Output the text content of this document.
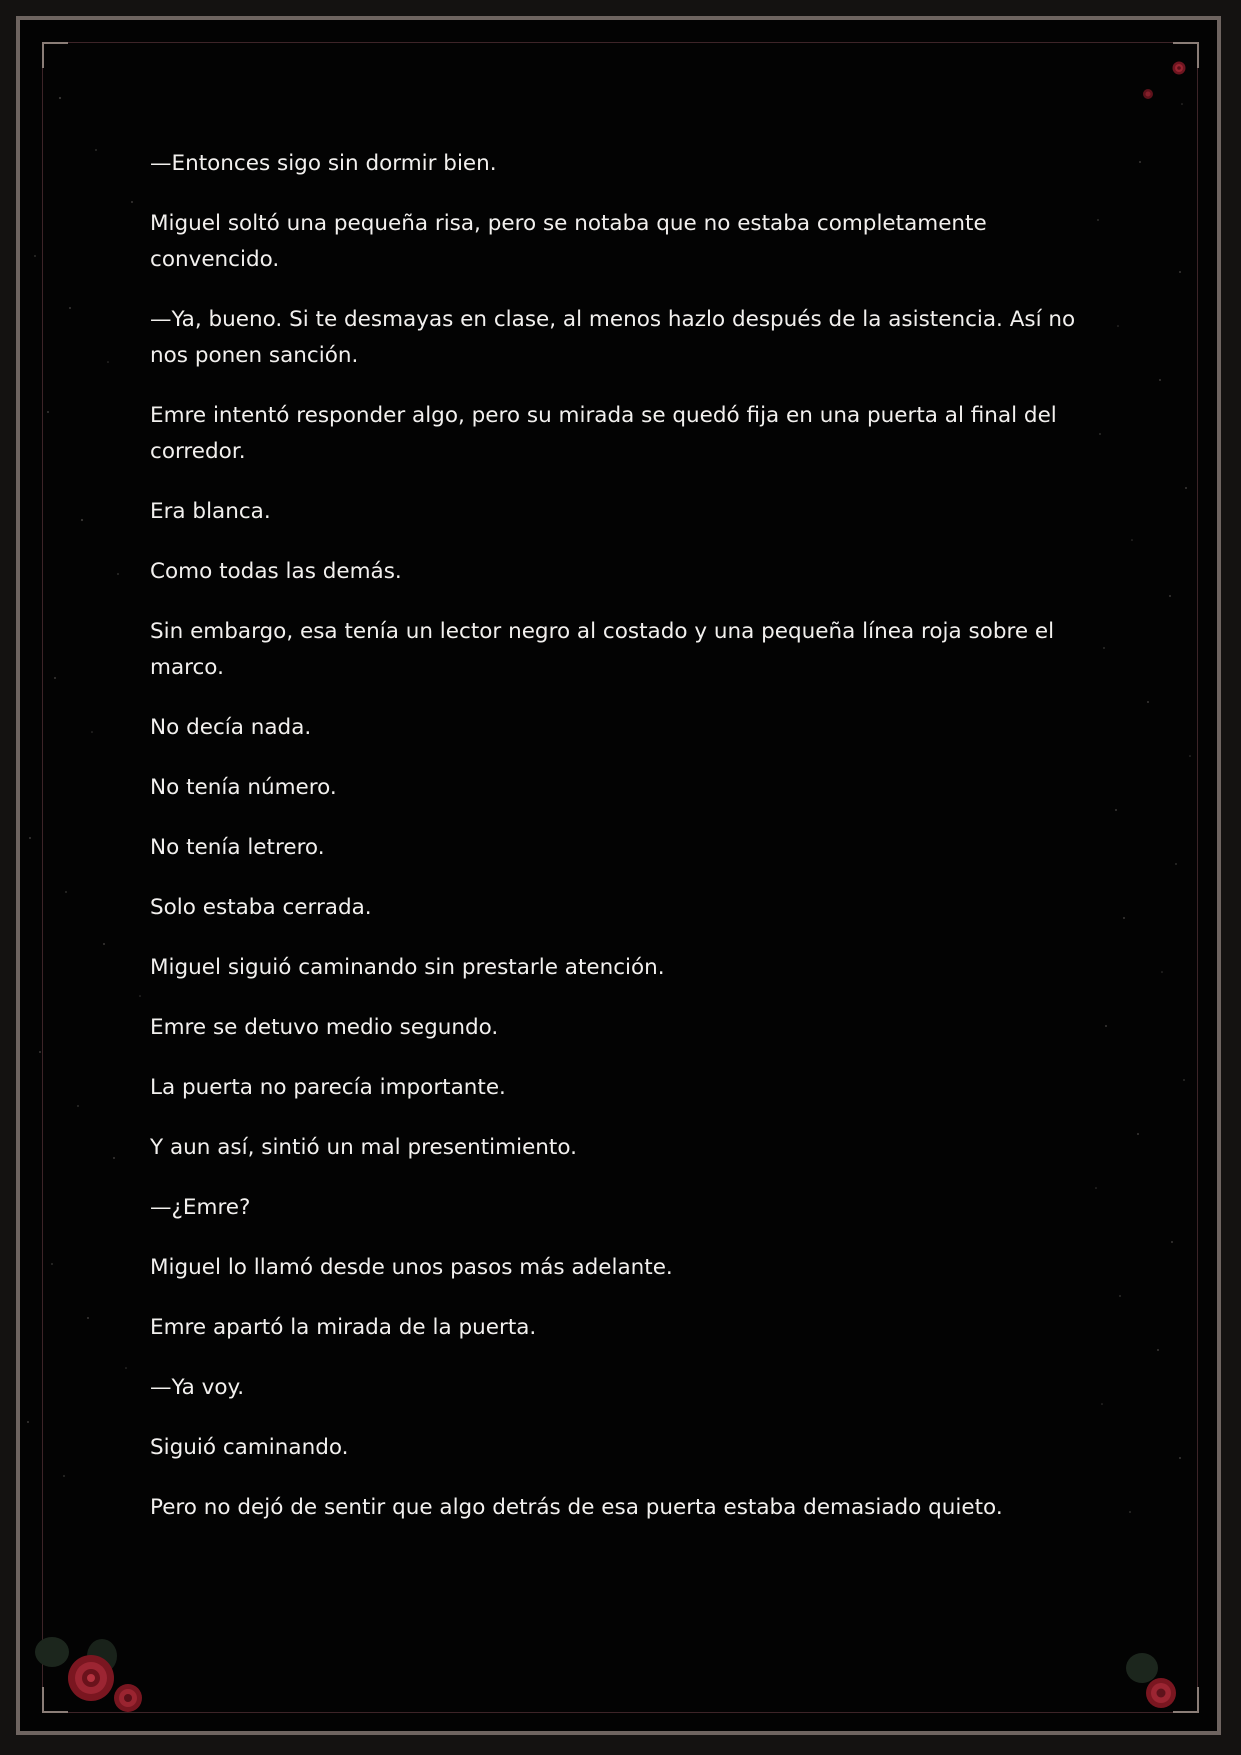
—Entonces sigo sin dormir bien.

Miguel soltó una pequeña risa, pero se notaba que no estaba completamente convencido.

—Ya, bueno. Si te desmayas en clase, al menos hazlo después de la asistencia. Así no nos ponen sanción.

Emre intentó responder algo, pero su mirada se quedó fija en una puerta al final del corredor.

Era blanca.

Como todas las demás.

Sin embargo, esa tenía un lector negro al costado y una pequeña línea roja sobre el marco.

No decía nada.

No tenía número.

No tenía letrero.

Solo estaba cerrada.

Miguel siguió caminando sin prestarle atención.

Emre se detuvo medio segundo.

La puerta no parecía importante.

Y aun así, sintió un mal presentimiento.

—¿Emre?

Miguel lo llamó desde unos pasos más adelante.

Emre apartó la mirada de la puerta.

—Ya voy.

Siguió caminando.

Pero no dejó de sentir que algo detrás de esa puerta estaba demasiado quieto.
